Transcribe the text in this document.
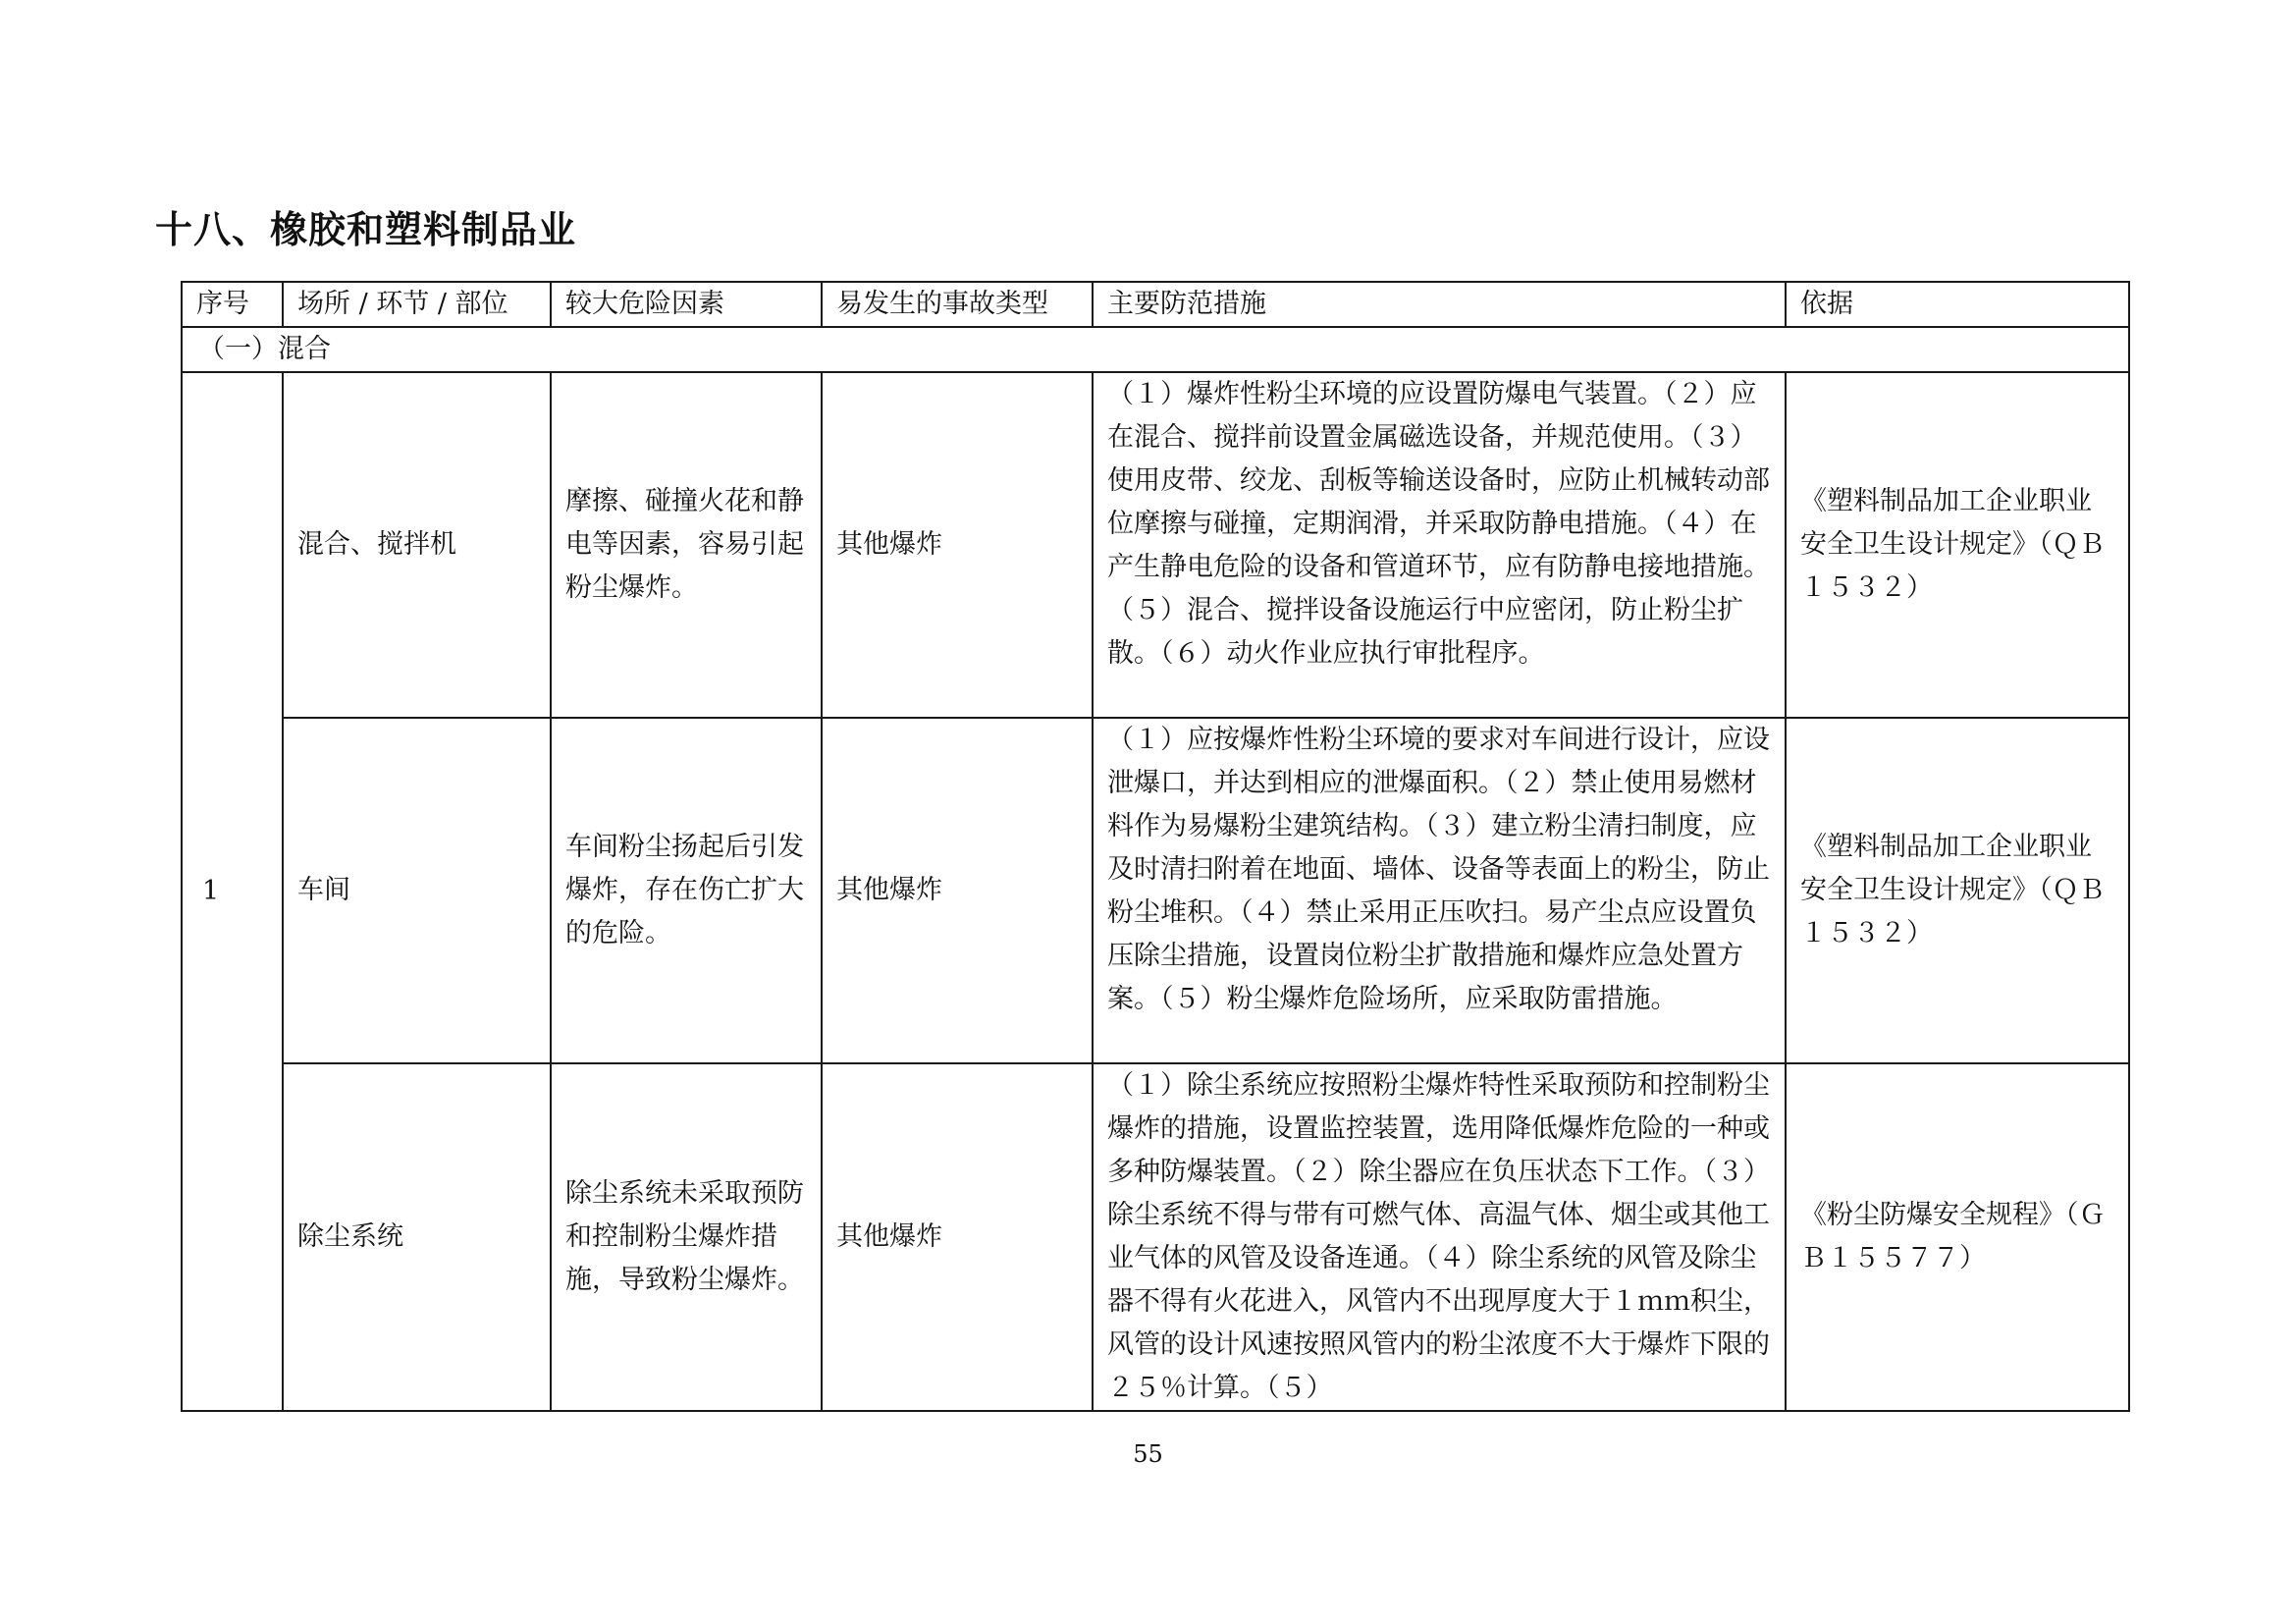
十八、橡胶和塑料制品业
序号	场所 / 环节 / 部位	较大危险因素	易发生的事故类型	主要防范措施	依据
（一）混合					
1	混合、搅拌机	摩擦、碰撞火花和静电等因素，容易引起粉尘爆炸。	其他爆炸	（１）爆炸性粉尘环境的应设置防爆电气装置。（２）应在混合、搅拌前设置金属磁选设备，并规范使用。（３）使用皮带、绞龙、刮板等输送设备时，应防止机械转动部位摩擦与碰撞，定期润滑，并采取防静电措施。（４）在产生静电危险的设备和管道环节，应有防静电接地措施。（５）混合、搅拌设备设施运行中应密闭，防止粉尘扩散。（６）动火作业应执行审批程序。	《塑料制品加工企业职业安全卫生设计规定》（ＱＢ１５３２）
	车间	车间粉尘扬起后引发爆炸，存在伤亡扩大的危险。	其他爆炸	（１）应按爆炸性粉尘环境的要求对车间进行设计，应设泄爆口，并达到相应的泄爆面积。（２）禁止使用易燃材料作为易爆粉尘建筑结构。（３）建立粉尘清扫制度，应及时清扫附着在地面、墙体、设备等表面上的粉尘，防止粉尘堆积。（４）禁止采用正压吹扫。易产尘点应设置负压除尘措施，设置岗位粉尘扩散措施和爆炸应急处置方案。（５）粉尘爆炸危险场所，应采取防雷措施。	《塑料制品加工企业职业安全卫生设计规定》（ＱＢ１５３２）
	除尘系统	除尘系统未采取预防和控制粉尘爆炸措施，导致粉尘爆炸。	其他爆炸	（１）除尘系统应按照粉尘爆炸特性采取预防和控制粉尘爆炸的措施，设置监控装置，选用降低爆炸危险的一种或多种防爆装置。（２）除尘器应在负压状态下工作。（３）除尘系统不得与带有可燃气体、高温气体、烟尘或其他工业气体的风管及设备连通。（４）除尘系统的风管及除尘器不得有火花进入，风管内不出现厚度大于１ｍｍ积尘，风管的设计风速按照风管内的粉尘浓度不大于爆炸下限的２５％计算。（５）	《粉尘防爆安全规程》（ＧＢ１５５７７）
55
